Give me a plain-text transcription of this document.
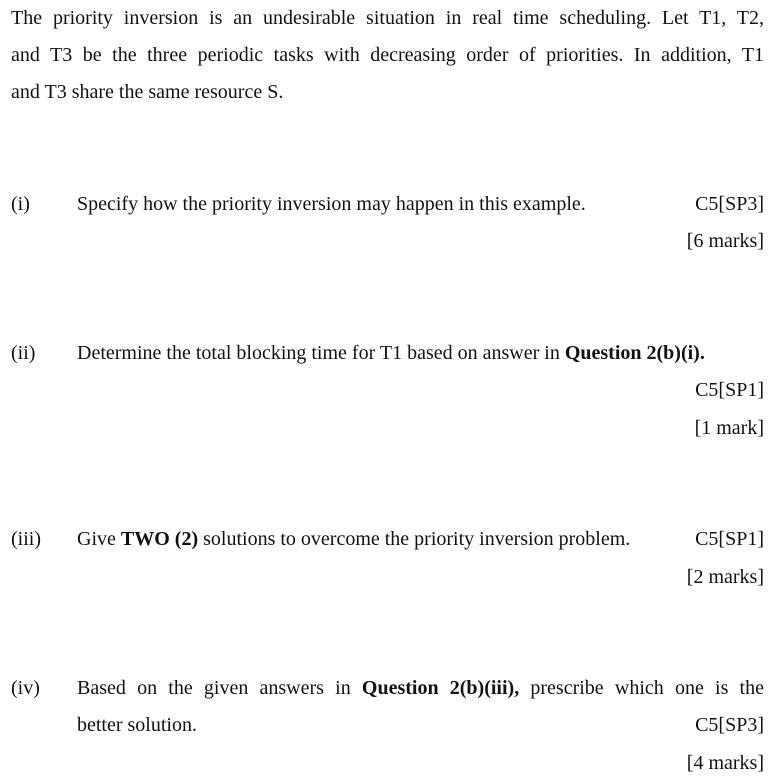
The priority inversion is an undesirable situation in real time scheduling. Let T1, T2,
and T3 be the three periodic tasks with decreasing order of priorities. In addition, T1
and T3 share the same resource S.
(i) Specify how the priority inversion may happen in this example.	C5[SP3]
[6 marks]
(ii) Determine the total blocking time for T1 based on answer in Question 2(b)(i).
C5[SP1]
[1 mark]
(iii) Give TWO (2) solutions to overcome the priority inversion problem.	C5[SP1]
[2 marks]
(iv) Based on the given answers in Question 2(b)(iii), prescribe which one is the
better solution.	C5[SP3]
[4 marks]
